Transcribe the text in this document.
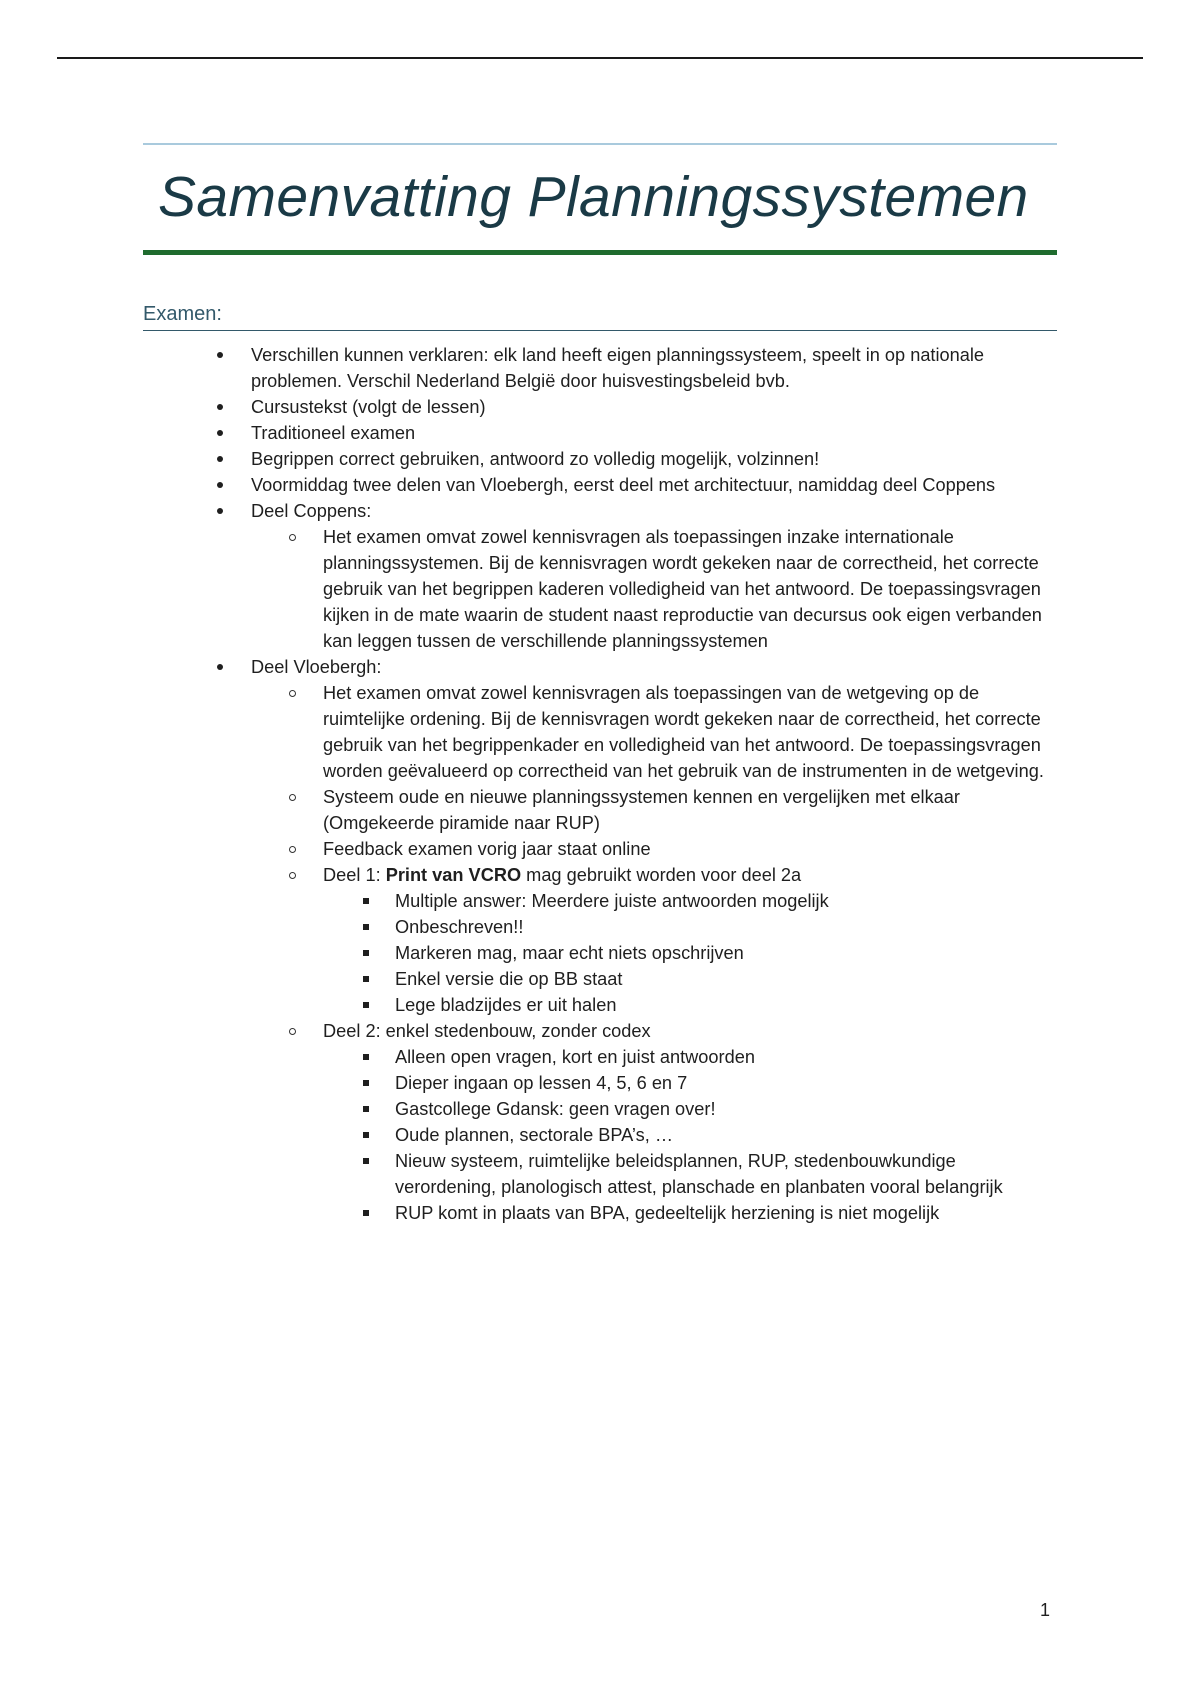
Samenvatting Planningssystemen
Examen:
Verschillen kunnen verklaren: elk land heeft eigen planningssysteem, speelt in op nationale problemen. Verschil Nederland België door huisvestingsbeleid bvb.
Cursustekst (volgt de lessen)
Traditioneel examen
Begrippen correct gebruiken, antwoord zo volledig mogelijk, volzinnen!
Voormiddag twee delen van Vloebergh, eerst deel met architectuur, namiddag deel Coppens
Deel Coppens:
Het examen omvat zowel kennisvragen als toepassingen inzake internationale planningssystemen. Bij de kennisvragen wordt gekeken naar de correctheid, het correcte gebruik van het begrippen kaderen volledigheid van het antwoord. De toepassingsvragen kijken in de mate waarin de student naast reproductie van decursus ook eigen verbanden kan leggen tussen de verschillende planningssystemen
Deel Vloebergh:
Het examen omvat zowel kennisvragen als toepassingen van de wetgeving op de ruimtelijke ordening. Bij de kennisvragen wordt gekeken naar de correctheid, het correcte gebruik van het begrippenkader en volledigheid van het antwoord. De toepassingsvragen worden geëvalueerd op correctheid van het gebruik van de instrumenten in de wetgeving.
Systeem oude en nieuwe planningssystemen kennen en vergelijken met elkaar (Omgekeerde piramide naar RUP)
Feedback examen vorig jaar staat online
Deel 1: Print van VCRO mag gebruikt worden voor deel 2a
Multiple answer: Meerdere juiste antwoorden mogelijk
Onbeschreven!!
Markeren mag, maar echt niets opschrijven
Enkel versie die op BB staat
Lege bladzijdes er uit halen
Deel 2: enkel stedenbouw, zonder codex
Alleen open vragen, kort en juist antwoorden
Dieper ingaan op lessen 4, 5, 6 en 7
Gastcollege Gdansk: geen vragen over!
Oude plannen, sectorale BPA’s, …
Nieuw systeem, ruimtelijke beleidsplannen, RUP, stedenbouwkundige verordening, planologisch attest, planschade en planbaten vooral belangrijk
RUP komt in plaats van BPA, gedeeltelijk herziening is niet mogelijk
1
